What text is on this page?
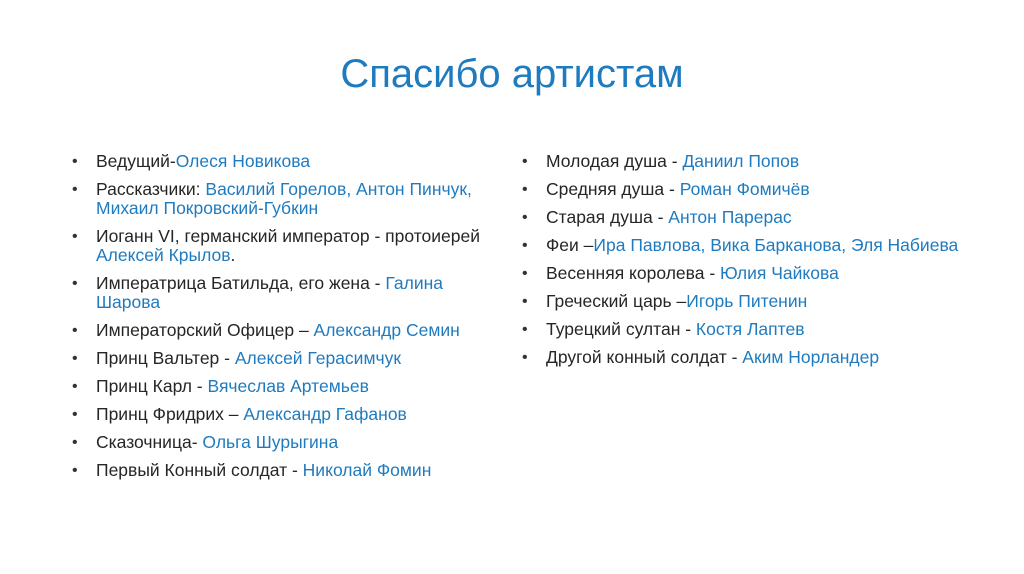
Спасибо артистам
• Ведущий-Олеся Новикова
• Рассказчики: Василий Горелов, Антон Пинчук, Михаил Покровский-Губкин
• Иоганн VI, германский император - протоиерей Алексей Крылов.
• Императрица Батильда, его жена - Галина Шарова
• Императорский Офицер – Александр Семин
• Принц Вальтер - Алексей Герасимчук
• Принц Карл - Вячеслав Артемьев
• Принц Фридрих – Александр Гафанов
• Сказочница- Ольга Шурыгина
• Первый Конный солдат - Николай Фомин
• Молодая душа - Даниил Попов
• Средняя душа - Роман Фомичёв
• Старая душа - Антон Парерас
• Феи –Ира Павлова, Вика Барканова, Эля Набиева
• Весенняя королева - Юлия Чайкова
• Греческий царь –Игорь Питенин
• Турецкий султан - Костя Лаптев
• Другой конный солдат - Аким Норландер
